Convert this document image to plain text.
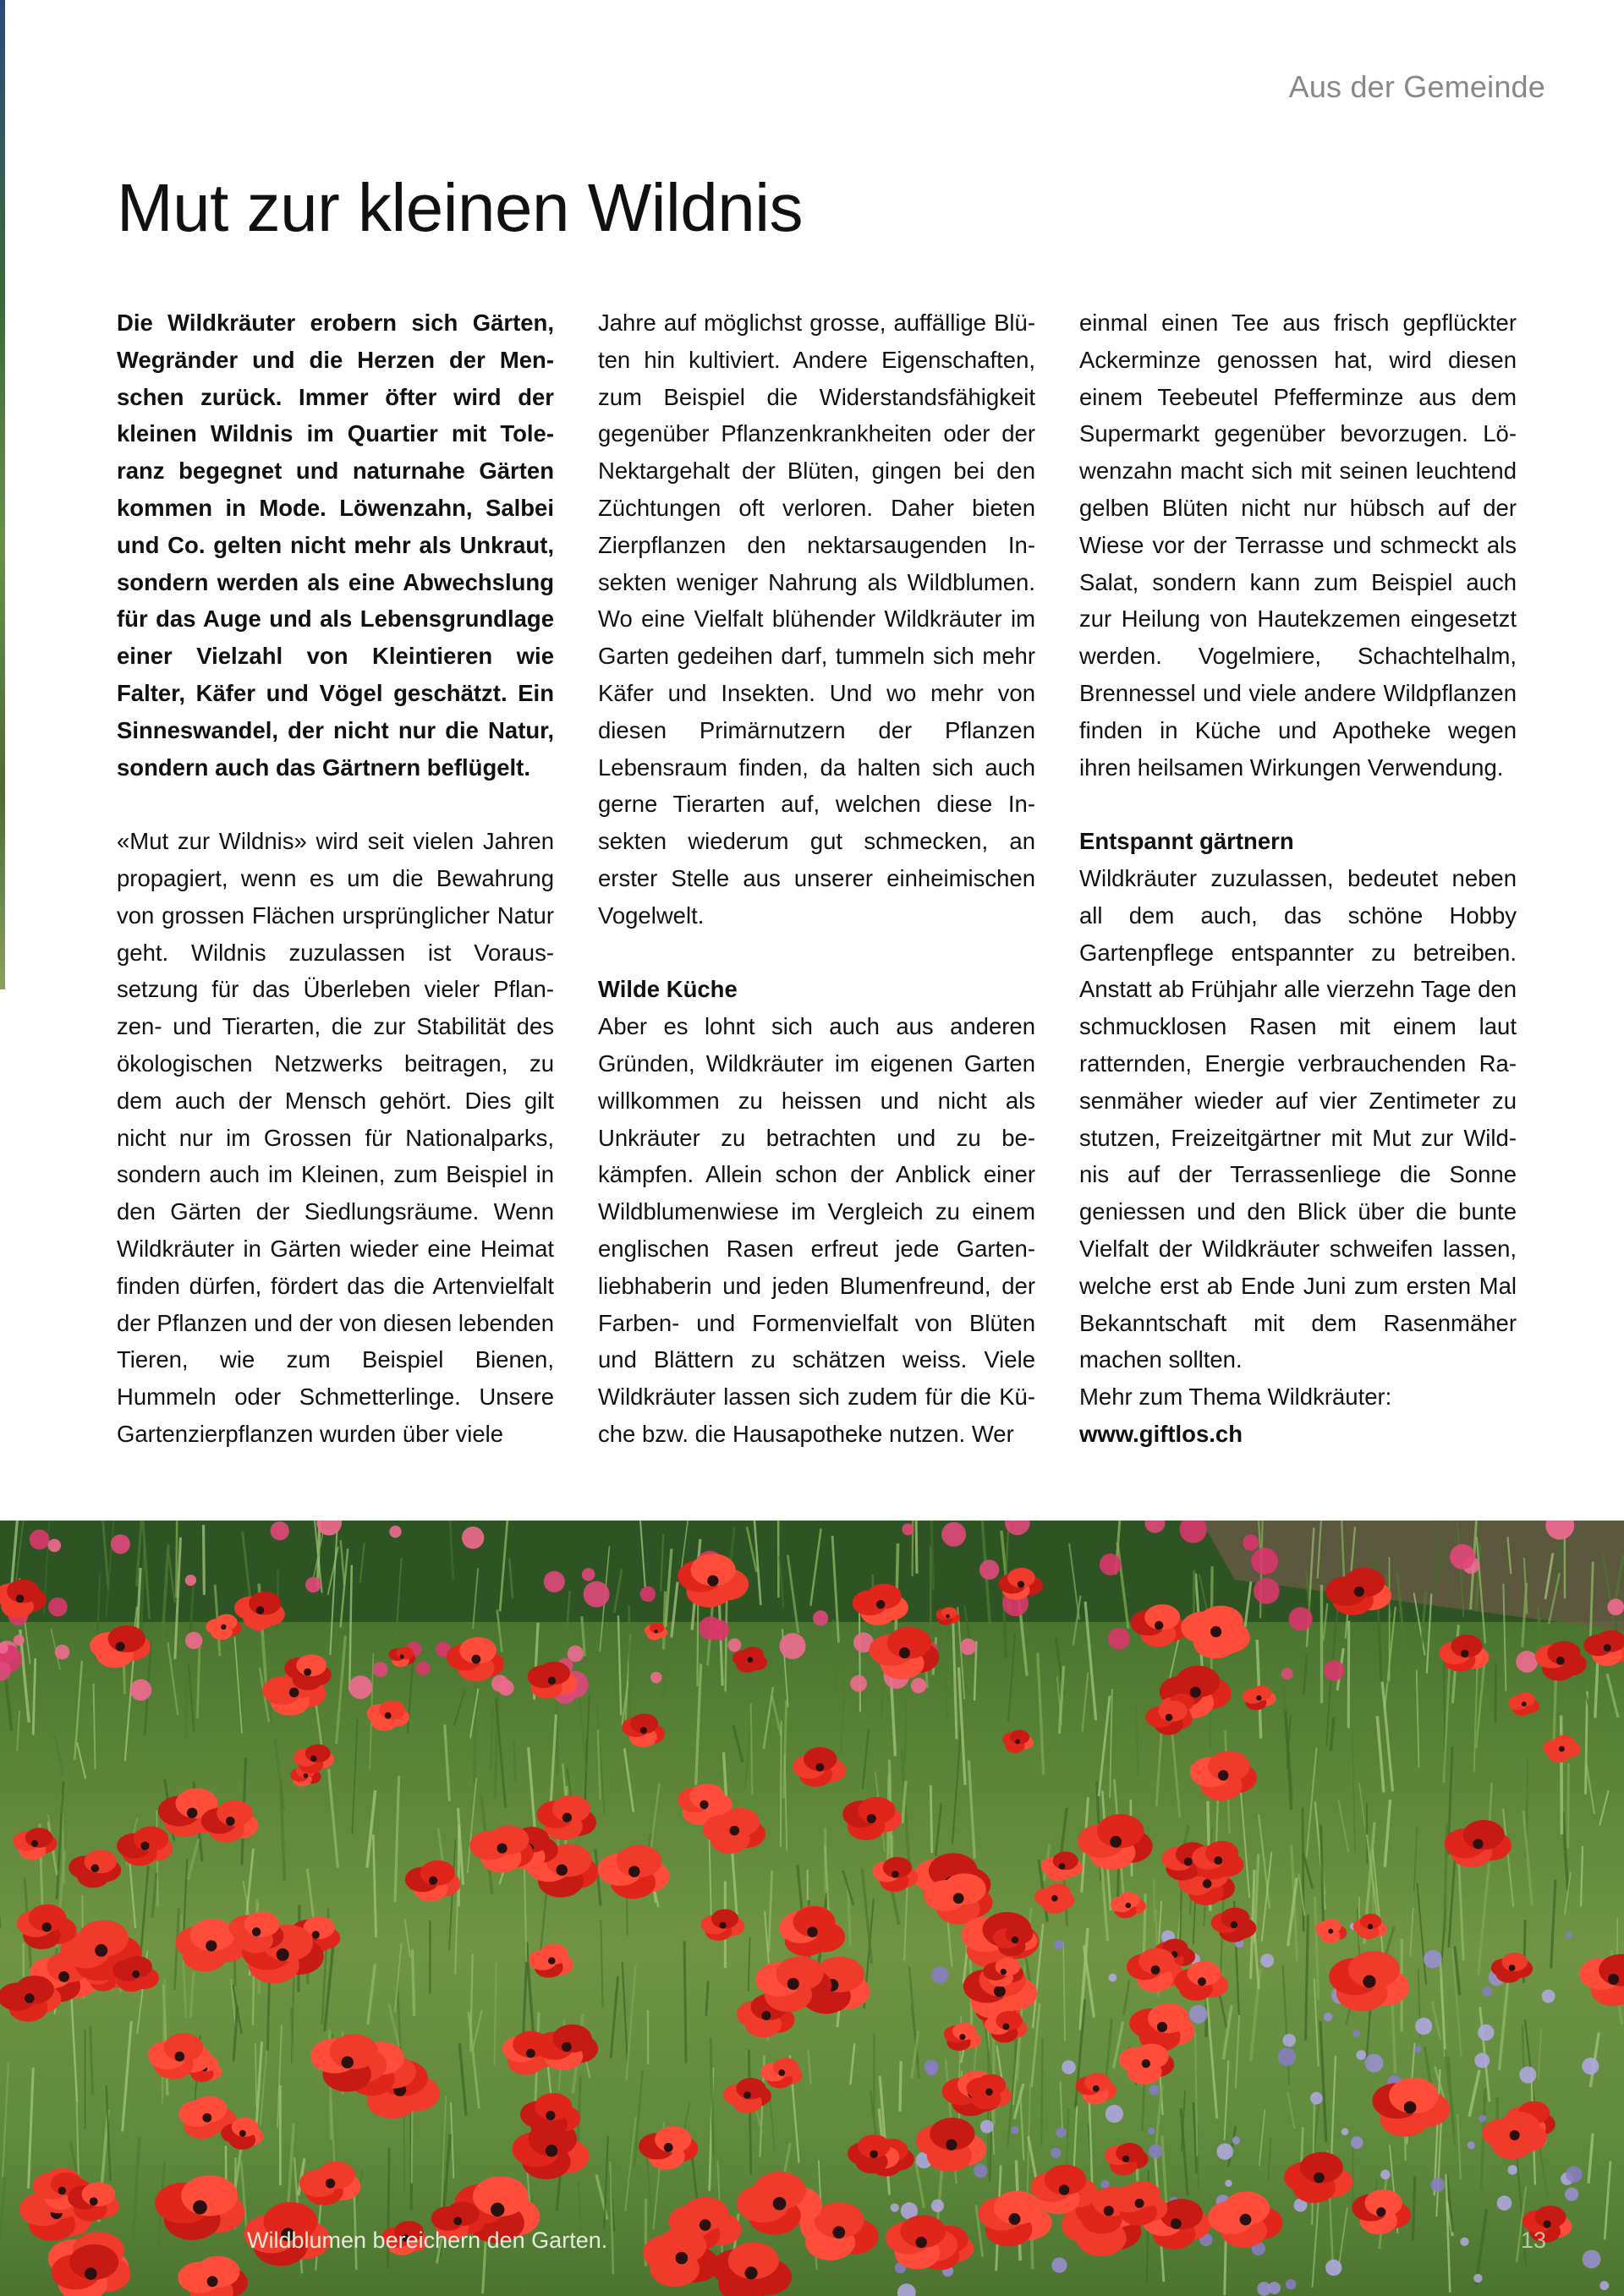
Aus der Gemeinde
Mut zur kleinen Wildnis

Die Wildkräuter erobern sich Gärten, Wegränder und die Herzen der Menschen zurück. Immer öfter wird der kleinen Wildnis im Quartier mit Toleranz begegnet und naturnahe Gärten kommen in Mode. Löwenzahn, Salbei und Co. gelten nicht mehr als Unkraut, sondern werden als eine Abwechslung für das Auge und als Lebensgrundlage einer Vielzahl von Kleintieren wie Falter, Käfer und Vögel geschätzt. Ein Sinneswandel, der nicht nur die Natur, sondern auch das Gärtnern beflügelt.

«Mut zur Wildnis» wird seit vielen Jahren propagiert, wenn es um die Bewahrung von grossen Flächen ursprünglicher Natur geht. Wildnis zuzulassen ist Voraussetzung für das Überleben vieler Pflanzen- und Tierarten, die zur Stabilität des ökologischen Netzwerks beitragen, zu dem auch der Mensch gehört. Dies gilt nicht nur im Grossen für Nationalparks, sondern auch im Kleinen, zum Beispiel in den Gärten der Siedlungsräume. Wenn Wildkräuter in Gärten wieder eine Heimat finden dürfen, fördert das die Artenvielfalt der Pflanzen und der von diesen lebenden Tieren, wie zum Beispiel Bienen, Hummeln oder Schmetterlinge. Unsere Gartenzierpflanzen wurden über viele

Jahre auf möglichst grosse, auffällige Blüten hin kultiviert. Andere Eigenschaften, zum Beispiel die Widerstandsfähigkeit gegenüber Pflanzenkrankheiten oder der Nektargehalt der Blüten, gingen bei den Züchtungen oft verloren. Daher bieten Zierpflanzen den nektarsaugenden Insekten weniger Nahrung als Wildblumen. Wo eine Vielfalt blühender Wildkräuter im Garten gedeihen darf, tummeln sich mehr Käfer und Insekten. Und wo mehr von diesen Primärnutzern der Pflanzen Lebensraum finden, da halten sich auch gerne Tierarten auf, welchen diese Insekten wiederum gut schmecken, an erster Stelle aus unserer einheimischen Vogelwelt.

Wilde Küche
Aber es lohnt sich auch aus anderen Gründen, Wildkräuter im eigenen Garten willkommen zu heissen und nicht als Unkräuter zu betrachten und zu bekämpfen. Allein schon der Anblick einer Wildblumenwiese im Vergleich zu einem englischen Rasen erfreut jede Gartenliebhaberin und jeden Blumenfreund, der Farben- und Formenvielfalt von Blüten und Blättern zu schätzen weiss. Viele Wildkräuter lassen sich zudem für die Küche bzw. die Hausapotheke nutzen. Wer

einmal einen Tee aus frisch gepflückter Ackerminze genossen hat, wird diesen einem Teebeutel Pfefferminze aus dem Supermarkt gegenüber bevorzugen. Löwenzahn macht sich mit seinen leuchtend gelben Blüten nicht nur hübsch auf der Wiese vor der Terrasse und schmeckt als Salat, sondern kann zum Beispiel auch zur Heilung von Hautekzemen eingesetzt werden. Vogelmiere, Schachtelhalm, Brennessel und viele andere Wildpflanzen finden in Küche und Apotheke wegen ihren heilsamen Wirkungen Verwendung.

Entspannt gärtnern
Wildkräuter zuzulassen, bedeutet neben all dem auch, das schöne Hobby Gartenpflege entspannter zu betreiben. Anstatt ab Frühjahr alle vierzehn Tage den schmucklosen Rasen mit einem laut ratternden, Energie verbrauchenden Rasenmäher wieder auf vier Zentimeter zu stutzen, Freizeitgärtner mit Mut zur Wildnis auf der Terrassenliege die Sonne geniessen und den Blick über die bunte Vielfalt der Wildkräuter schweifen lassen, welche erst ab Ende Juni zum ersten Mal Bekanntschaft mit dem Rasenmäher machen sollten.

Mehr zum Thema Wildkräuter:
www.giftlos.ch

Wildblumen bereichern den Garten.	13
